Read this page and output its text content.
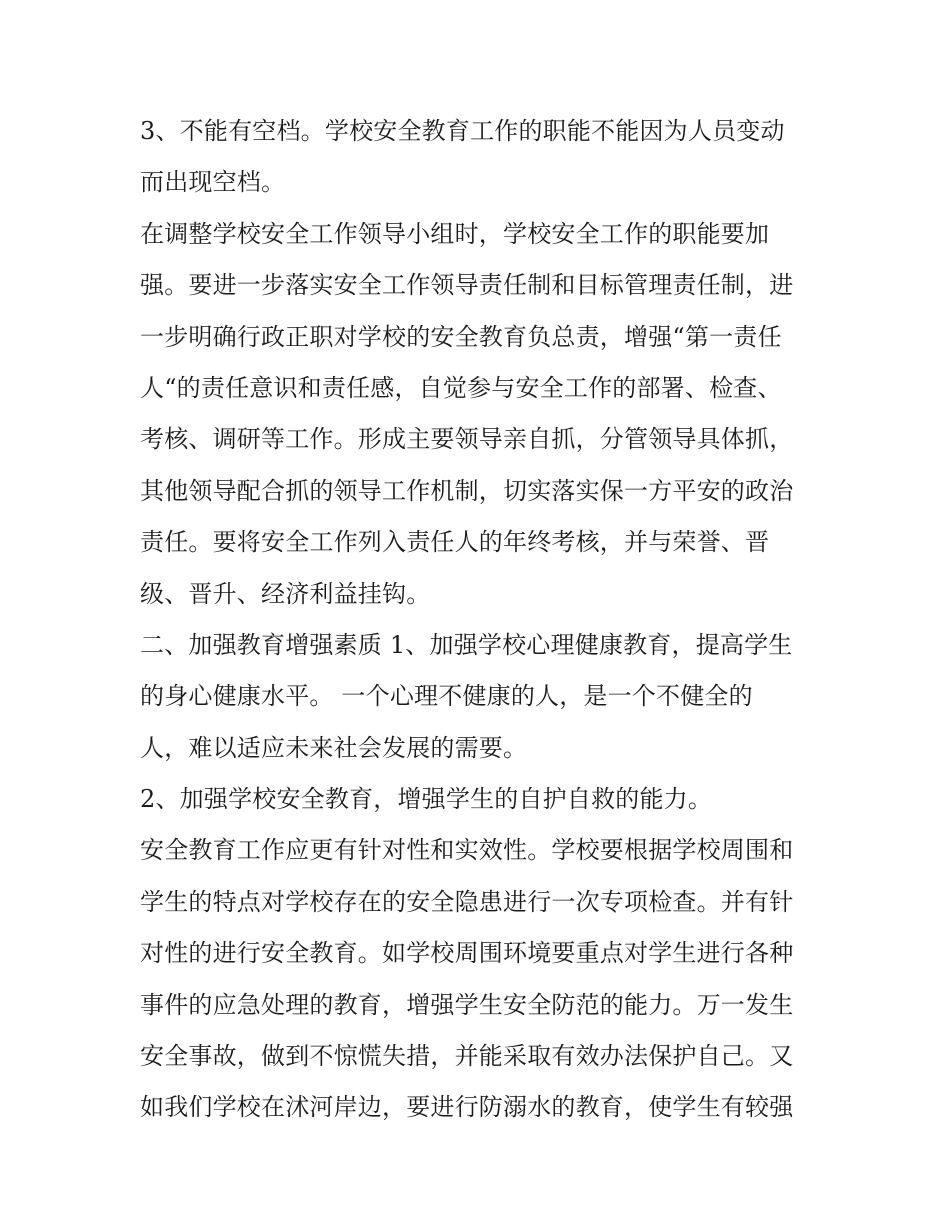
3、不能有空档。学校安全教育工作的职能不能因为人员变动
而出现空档。
在调整学校安全工作领导小组时，学校安全工作的职能要加
强。要进一步落实安全工作领导责任制和目标管理责任制，进
一步明确行政正职对学校的安全教育负总责，增强“第一责任
人“的责任意识和责任感，自觉参与安全工作的部署、检查、
考核、调研等工作。形成主要领导亲自抓，分管领导具体抓，
其他领导配合抓的领导工作机制，切实落实保一方平安的政治
责任。要将安全工作列入责任人的年终考核，并与荣誉、晋
级、晋升、经济利益挂钩。
二、加强教育增强素质 1、加强学校心理健康教育，提高学生
的身心健康水平。 一个心理不健康的人，是一个不健全的
人，难以适应未来社会发展的需要。
2、加强学校安全教育，增强学生的自护自救的能力。
安全教育工作应更有针对性和实效性。学校要根据学校周围和
学生的特点对学校存在的安全隐患进行一次专项检查。并有针
对性的进行安全教育。如学校周围环境要重点对学生进行各种
事件的应急处理的教育，增强学生安全防范的能力。万一发生
安全事故，做到不惊慌失措，并能采取有效办法保护自己。又
如我们学校在沭河岸边，要进行防溺水的教育，使学生有较强
